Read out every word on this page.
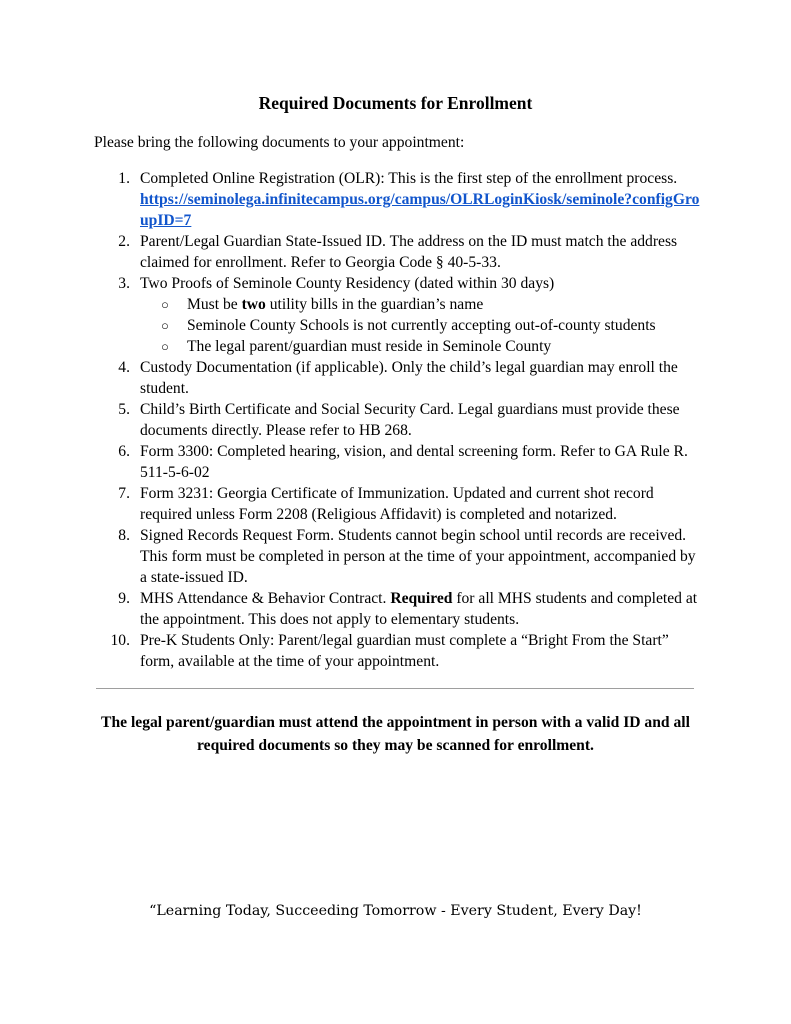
Required Documents for Enrollment
Please bring the following documents to your appointment:
1. Completed Online Registration (OLR): This is the first step of the enrollment process.
https://seminolega.infinitecampus.org/campus/OLRLoginKiosk/seminole?configGroupID=7
2. Parent/Legal Guardian State-Issued ID. The address on the ID must match the address claimed for enrollment. Refer to Georgia Code § 40-5-33.
3. Two Proofs of Seminole County Residency (dated within 30 days)
○ Must be two utility bills in the guardian’s name
○ Seminole County Schools is not currently accepting out-of-county students
○ The legal parent/guardian must reside in Seminole County
4. Custody Documentation (if applicable). Only the child’s legal guardian may enroll the student.
5. Child’s Birth Certificate and Social Security Card. Legal guardians must provide these documents directly. Please refer to HB 268.
6. Form 3300: Completed hearing, vision, and dental screening form. Refer to GA Rule R. 511-5-6-02
7. Form 3231: Georgia Certificate of Immunization. Updated and current shot record required unless Form 2208 (Religious Affidavit) is completed and notarized.
8. Signed Records Request Form. Students cannot begin school until records are received. This form must be completed in person at the time of your appointment, accompanied by a state-issued ID.
9. MHS Attendance & Behavior Contract. Required for all MHS students and completed at the appointment. This does not apply to elementary students.
10. Pre-K Students Only: Parent/legal guardian must complete a “Bright From the Start” form, available at the time of your appointment.
The legal parent/guardian must attend the appointment in person with a valid ID and all required documents so they may be scanned for enrollment.
“Learning Today, Succeeding Tomorrow - Every Student, Every Day!
